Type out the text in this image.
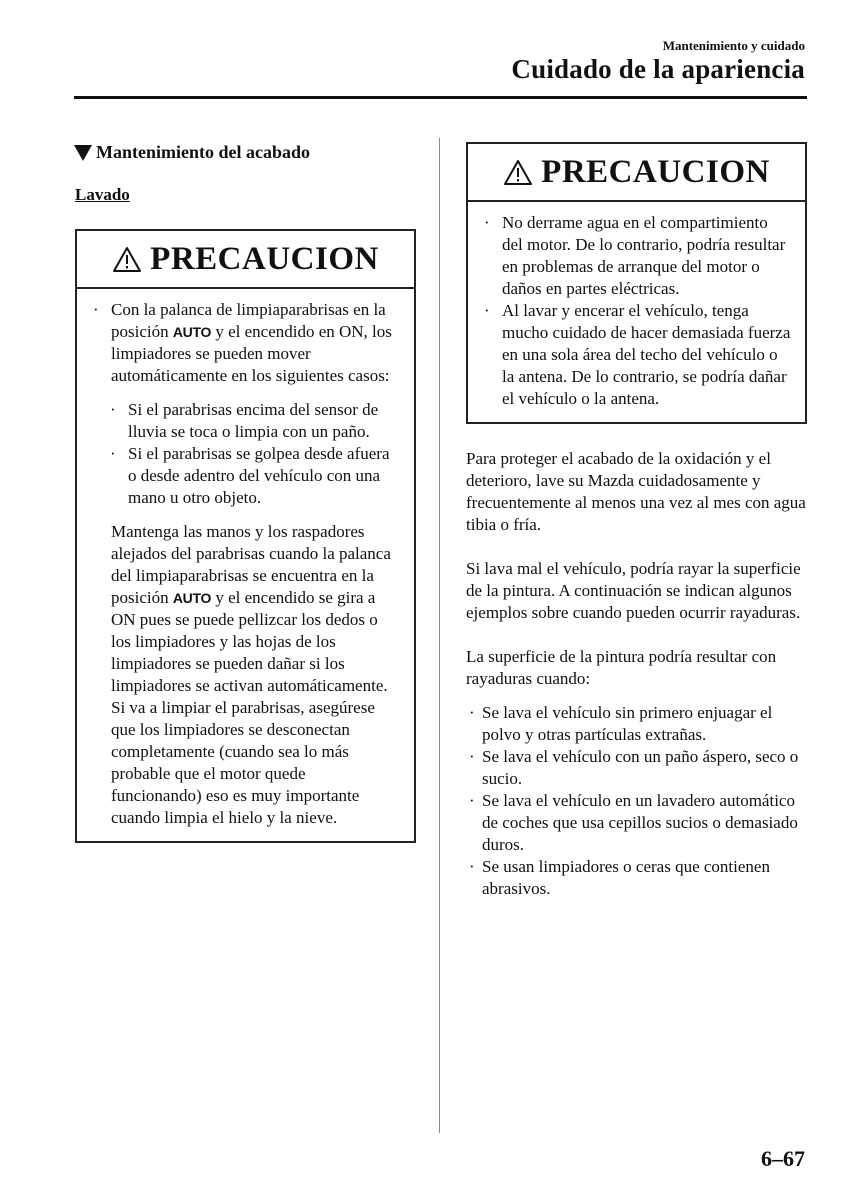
Mantenimiento y cuidado
Cuidado de la apariencia
Mantenimiento del acabado
Lavado
PRECAUCION
· Con la palanca de limpiaparabrisas en la posición AUTO y el encendido en ON, los limpiadores se pueden mover automáticamente en los siguientes casos:
· Si el parabrisas encima del sensor de lluvia se toca o limpia con un paño.
· Si el parabrisas se golpea desde afuera o desde adentro del vehículo con una mano u otro objeto.
Mantenga las manos y los raspadores alejados del parabrisas cuando la palanca del limpiaparabrisas se encuentra en la posición AUTO y el encendido se gira a ON pues se puede pellizcar los dedos o los limpiadores y las hojas de los limpiadores se pueden dañar si los limpiadores se activan automáticamente.
Si va a limpiar el parabrisas, asegúrese que los limpiadores se desconectan completamente (cuando sea lo más probable que el motor quede funcionando) eso es muy importante cuando limpia el hielo y la nieve.
PRECAUCION
· No derrame agua en el compartimiento del motor. De lo contrario, podría resultar en problemas de arranque del motor o daños en partes eléctricas.
· Al lavar y encerar el vehículo, tenga mucho cuidado de hacer demasiada fuerza en una sola área del techo del vehículo o la antena. De lo contrario, se podría dañar el vehículo o la antena.
Para proteger el acabado de la oxidación y el deterioro, lave su Mazda cuidadosamente y frecuentemente al menos una vez al mes con agua tibia o fría.
Si lava mal el vehículo, podría rayar la superficie de la pintura. A continuación se indican algunos ejemplos sobre cuando pueden ocurrir rayaduras.
La superficie de la pintura podría resultar con rayaduras cuando:
· Se lava el vehículo sin primero enjuagar el polvo y otras partículas extrañas.
· Se lava el vehículo con un paño áspero, seco o sucio.
· Se lava el vehículo en un lavadero automático de coches que usa cepillos sucios o demasiado duros.
· Se usan limpiadores o ceras que contienen abrasivos.
6–67
